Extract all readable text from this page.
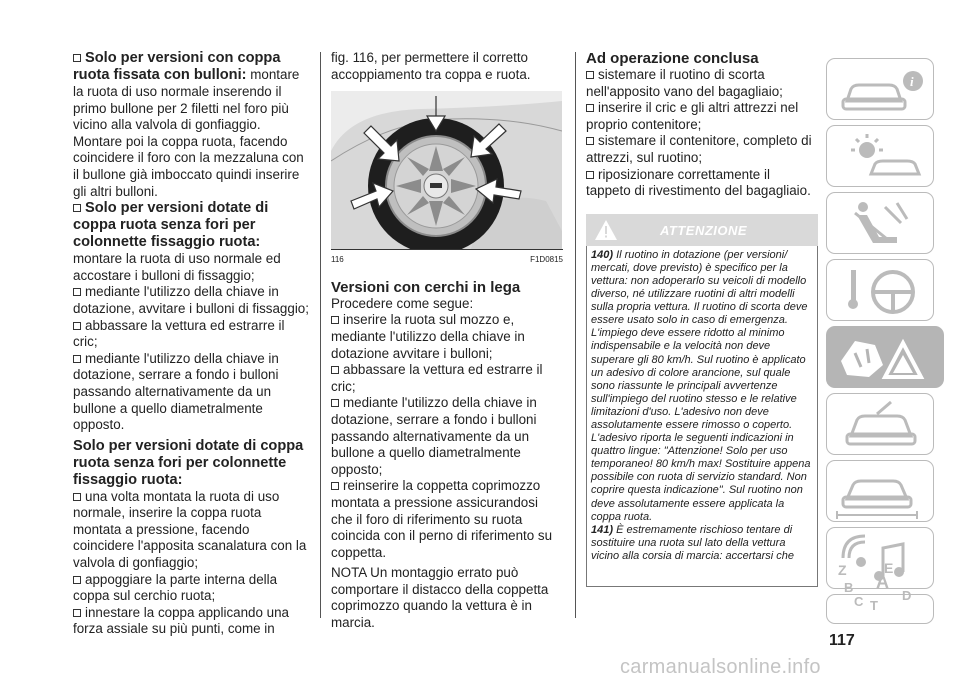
Solo per versioni con coppa ruota fissata con bulloni: montare la ruota di uso normale inserendo il primo bullone per 2 filetti nel foro più vicino alla valvola di gonfiaggio. Montare poi la coppa ruota, facendo coincidere il foro con la mezzaluna con il bullone già imboccato quindi inserire gli altri bulloni.

Solo per versioni dotate di coppa ruota senza fori per colonnette fissaggio ruota: montare la ruota di uso normale ed accostare i bulloni di fissaggio;

mediante l'utilizzo della chiave in dotazione, avvitare i bulloni di fissaggio;

abbassare la vettura ed estrarre il cric;

mediante l'utilizzo della chiave in dotazione, serrare a fondo i bulloni passando alternativamente da un bullone a quello diametralmente opposto.

Solo per versioni dotate di coppa ruota senza fori per colonnette fissaggio ruota:

una volta montata la ruota di uso normale, inserire la coppa ruota montata a pressione, facendo coincidere l'apposita scanalatura con la valvola di gonfiaggio;

appoggiare la parte interna della coppa sul cerchio ruota;

innestare la coppa applicando una forza assiale su più punti, come in

fig. 116, per permettere il corretto accoppiamento tra coppa e ruota.

116	F1D0815

Versioni con cerchi in lega

Procedere come segue:

inserire la ruota sul mozzo e, mediante l'utilizzo della chiave in dotazione avvitare i bulloni;

abbassare la vettura ed estrarre il cric;

mediante l'utilizzo della chiave in dotazione, serrare a fondo i bulloni passando alternativamente da un bullone a quello diametralmente opposto;

reinserire la coppetta coprimozzo montata a pressione assicurandosi che il foro di riferimento su ruota coincida con il perno di riferimento su coppetta.

NOTA Un montaggio errato può comportare il distacco della coppetta coprimozzo quando la vettura è in marcia.

Ad operazione conclusa

sistemare il ruotino di scorta nell'apposito vano del bagagliaio;

inserire il cric e gli altri attrezzi nel proprio contenitore;

sistemare il contenitore, completo di attrezzi, sul ruotino;

riposizionare correttamente il tappeto di rivestimento del bagagliaio.

ATTENZIONE

140) Il ruotino in dotazione (per versioni/ mercati, dove previsto) è specifico per la vettura: non adoperarlo su veicoli di modello diverso, né utilizzare ruotini di altri modelli sulla propria vettura. Il ruotino di scorta deve essere usato solo in caso di emergenza. L'impiego deve essere ridotto al minimo indispensabile e la velocità non deve superare gli 80 km/h. Sul ruotino è applicato un adesivo di colore arancione, sul quale sono riassunte le principali avvertenze sull'impiego del ruotino stesso e le relative limitazioni d'uso. L'adesivo non deve assolutamente essere rimosso o coperto. L'adesivo riporta le seguenti indicazioni in quattro lingue: "Attenzione! Solo per uso temporaneo! 80 km/h max! Sostituire appena possibile con ruota di servizio standard. Non coprire questa indicazione". Sul ruotino non deve assolutamente essere applicata la coppa ruota.

141) È estremamente rischioso tentare di sostituire una ruota sul lato della vettura vicino alla corsia di marcia: accertarsi che

i
Z	E
B A
C T
D
117
carmanualsonline.info
